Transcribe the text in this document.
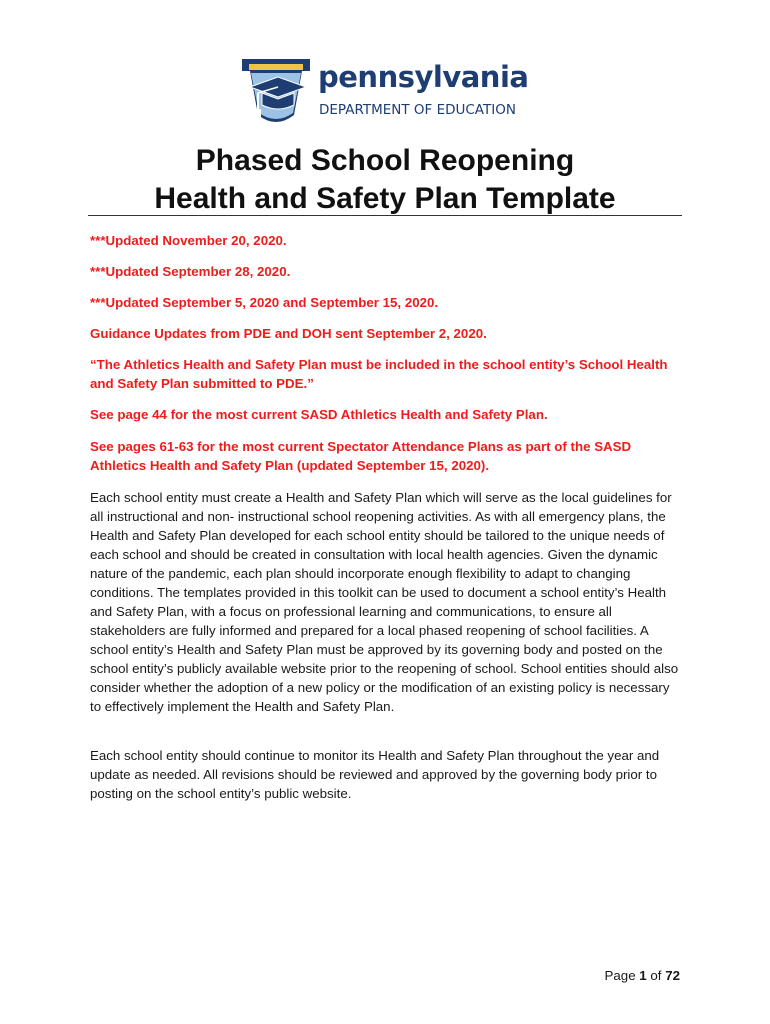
pennsylvania
DEPARTMENT OF EDUCATION
Phased School Reopening
Health and Safety Plan Template

***Updated November 20, 2020.

***Updated September 28, 2020.

***Updated September 5, 2020 and September 15, 2020.

Guidance Updates from PDE and DOH sent September 2, 2020.

“The Athletics Health and Safety Plan must be included in the school entity’s School Health and Safety Plan submitted to PDE.”

See page 44 for the most current SASD Athletics Health and Safety Plan.

See pages 61-63 for the most current Spectator Attendance Plans as part of the SASD Athletics Health and Safety Plan (updated September 15, 2020).

Each school entity must create a Health and Safety Plan which will serve as the local guidelines for all instructional and non- instructional school reopening activities. As with all emergency plans, the Health and Safety Plan developed for each school entity should be tailored to the unique needs of each school and should be created in consultation with local health agencies. Given the dynamic nature of the pandemic, each plan should incorporate enough flexibility to adapt to changing conditions. The templates provided in this toolkit can be used to document a school entity’s Health and Safety Plan, with a focus on professional learning and communications, to ensure all stakeholders are fully informed and prepared for a local phased reopening of school facilities. A school entity’s Health and Safety Plan must be approved by its governing body and posted on the school entity’s publicly available website prior to the reopening of school. School entities should also consider whether the adoption of a new policy or the modification of an existing policy is necessary to effectively implement the Health and Safety Plan.

Each school entity should continue to monitor its Health and Safety Plan throughout the year and update as needed. All revisions should be reviewed and approved by the governing body prior to posting on the school entity’s public website.

Page 1 of 72
